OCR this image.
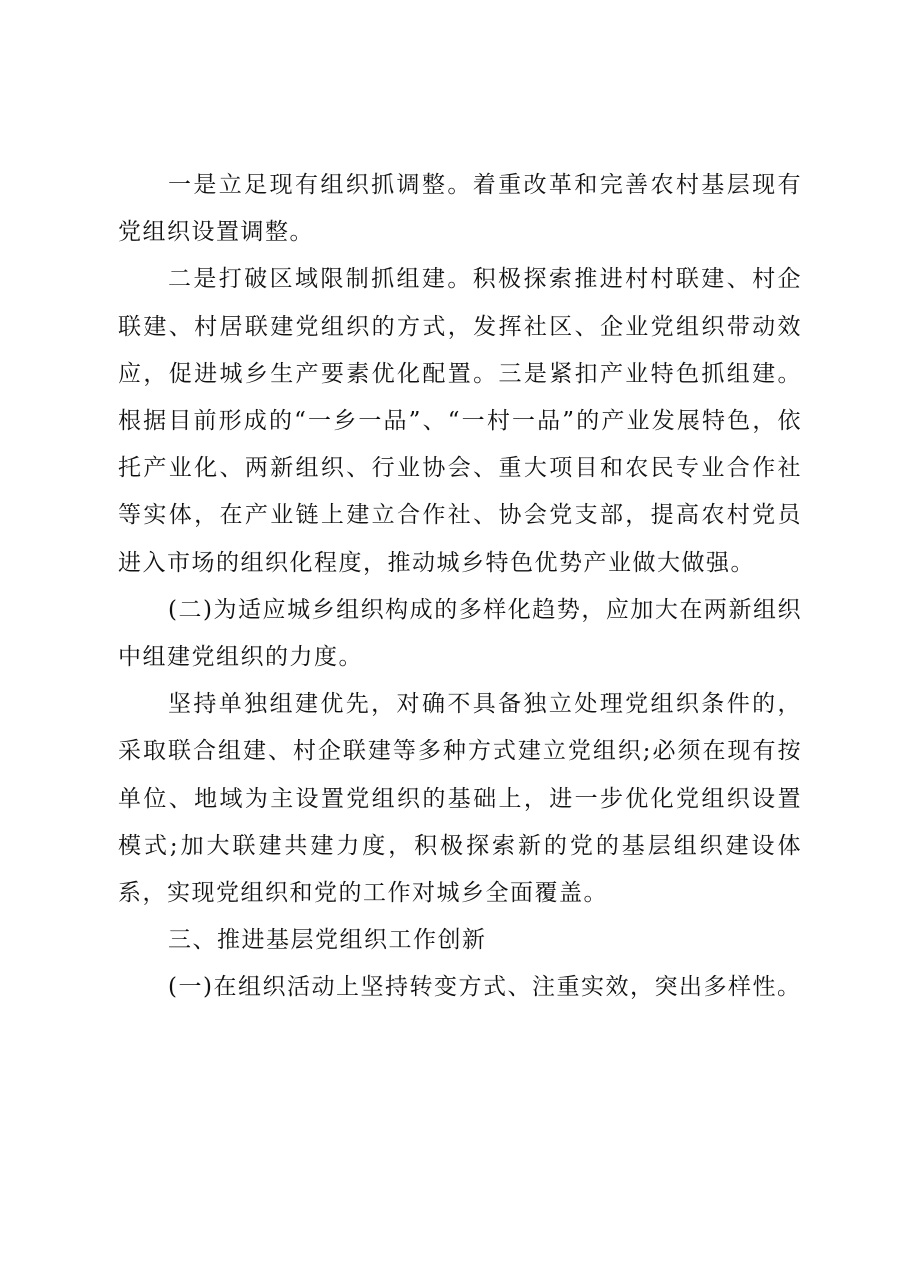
一是立足现有组织抓调整。着重改革和完善农村基层现有党组织设置调整。

二是打破区域限制抓组建。积极探索推进村村联建、村企联建、村居联建党组织的方式，发挥社区、企业党组织带动效应，促进城乡生产要素优化配置。三是紧扣产业特色抓组建。根据目前形成的“一乡一品”、“一村一品”的产业发展特色，依托产业化、两新组织、行业协会、重大项目和农民专业合作社等实体，在产业链上建立合作社、协会党支部，提高农村党员进入市场的组织化程度，推动城乡特色优势产业做大做强。

(二)为适应城乡组织构成的多样化趋势，应加大在两新组织中组建党组织的力度。

坚持单独组建优先，对确不具备独立处理党组织条件的，采取联合组建、村企联建等多种方式建立党组织;必须在现有按单位、地域为主设置党组织的基础上，进一步优化党组织设置模式;加大联建共建力度，积极探索新的党的基层组织建设体系，实现党组织和党的工作对城乡全面覆盖。

三、推进基层党组织工作创新

(一)在组织活动上坚持转变方式、注重实效，突出多样性。
